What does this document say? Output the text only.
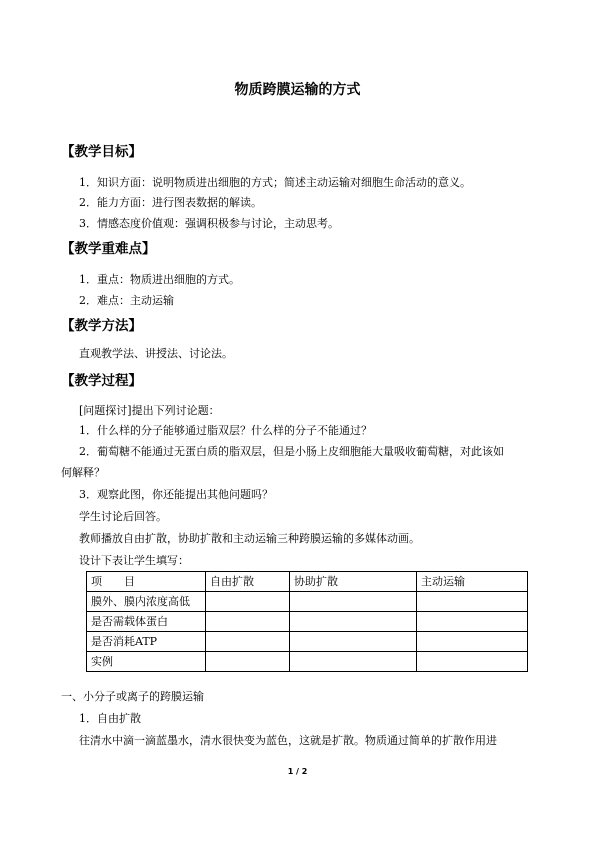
物质跨膜运输的方式
【教学目标】
1．知识方面：说明物质进出细胞的方式；简述主动运输对细胞生命活动的意义。
2．能力方面：进行图表数据的解读。
3．情感态度价值观：强调积极参与讨论，主动思考。
【教学重难点】
1．重点：物质进出细胞的方式。
2．难点：主动运输
【教学方法】
直观教学法、讲授法、讨论法。
【教学过程】
[问题探讨]提出下列讨论题：
1．什么样的分子能够通过脂双层？什么样的分子不能通过？
2．葡萄糖不能通过无蛋白质的脂双层，但是小肠上皮细胞能大量吸收葡萄糖，对此该如
何解释？
3．观察此图，你还能提出其他问题吗？
学生讨论后回答。
教师播放自由扩散，协助扩散和主动运输三种跨膜运输的多媒体动画。
设计下表让学生填写：
项　　目	自由扩散	协助扩散	主动运输
膜外、膜内浓度高低			
是否需载体蛋白			
是否消耗ATP			
实例			
一、小分子或离子的跨膜运输
1．自由扩散
往清水中滴一滴蓝墨水，清水很快变为蓝色，这就是扩散。物质通过简单的扩散作用进
1 / 2
